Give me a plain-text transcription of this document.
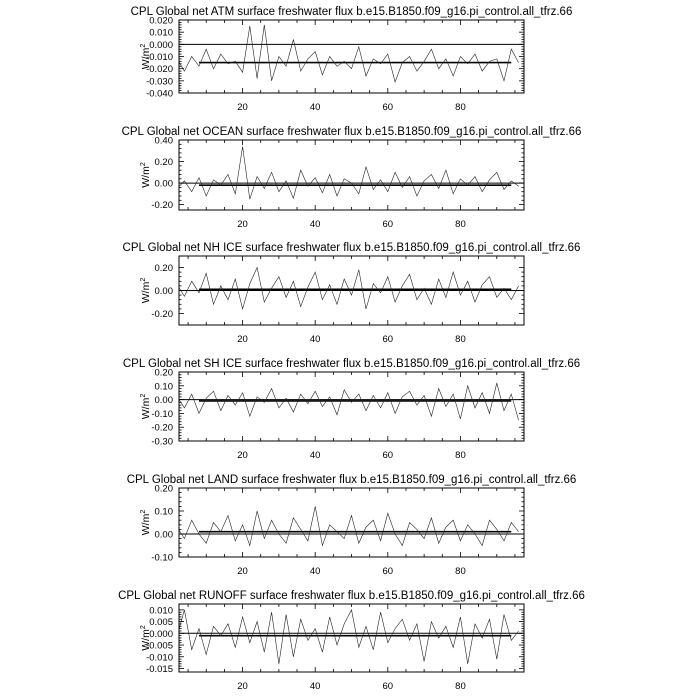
CPL Global net ATM surface freshwater flux b.e15.B1850.f09_g16.pi_control.all_tfrz.66
$W/m^2$
20	40	60	80
0.020
0.010
0.000
-0.010
-0.020
-0.030
-0.040
CPL Global net OCEAN surface freshwater flux b.e15.B1850.f09_g16.pi_control.all_tfrz.66
$W/m^2$
20	40	60	80
0.40
0.20
0.00
-0.20
CPL Global net NH ICE surface freshwater flux b.e15.B1850.f09_g16.pi_control.all_tfrz.66
$W/m^2$
20	40	60	80
0.20
0.00
-0.20
CPL Global net SH ICE surface freshwater flux b.e15.B1850.f09_g16.pi_control.all_tfrz.66
$W/m^2$
20	40	60	80
0.20
0.10
0.00
-0.10
-0.20
-0.30
CPL Global net LAND surface freshwater flux b.e15.B1850.f09_g16.pi_control.all_tfrz.66
$W/m^2$
20	40	60	80
0.20
0.10
0.00
-0.10
CPL Global net RUNOFF surface freshwater flux b.e15.B1850.f09_g16.pi_control.all_tfrz.66
$W/m^2$
20	40	60	80
0.010
0.005
0.000
-0.005
-0.010
-0.015
